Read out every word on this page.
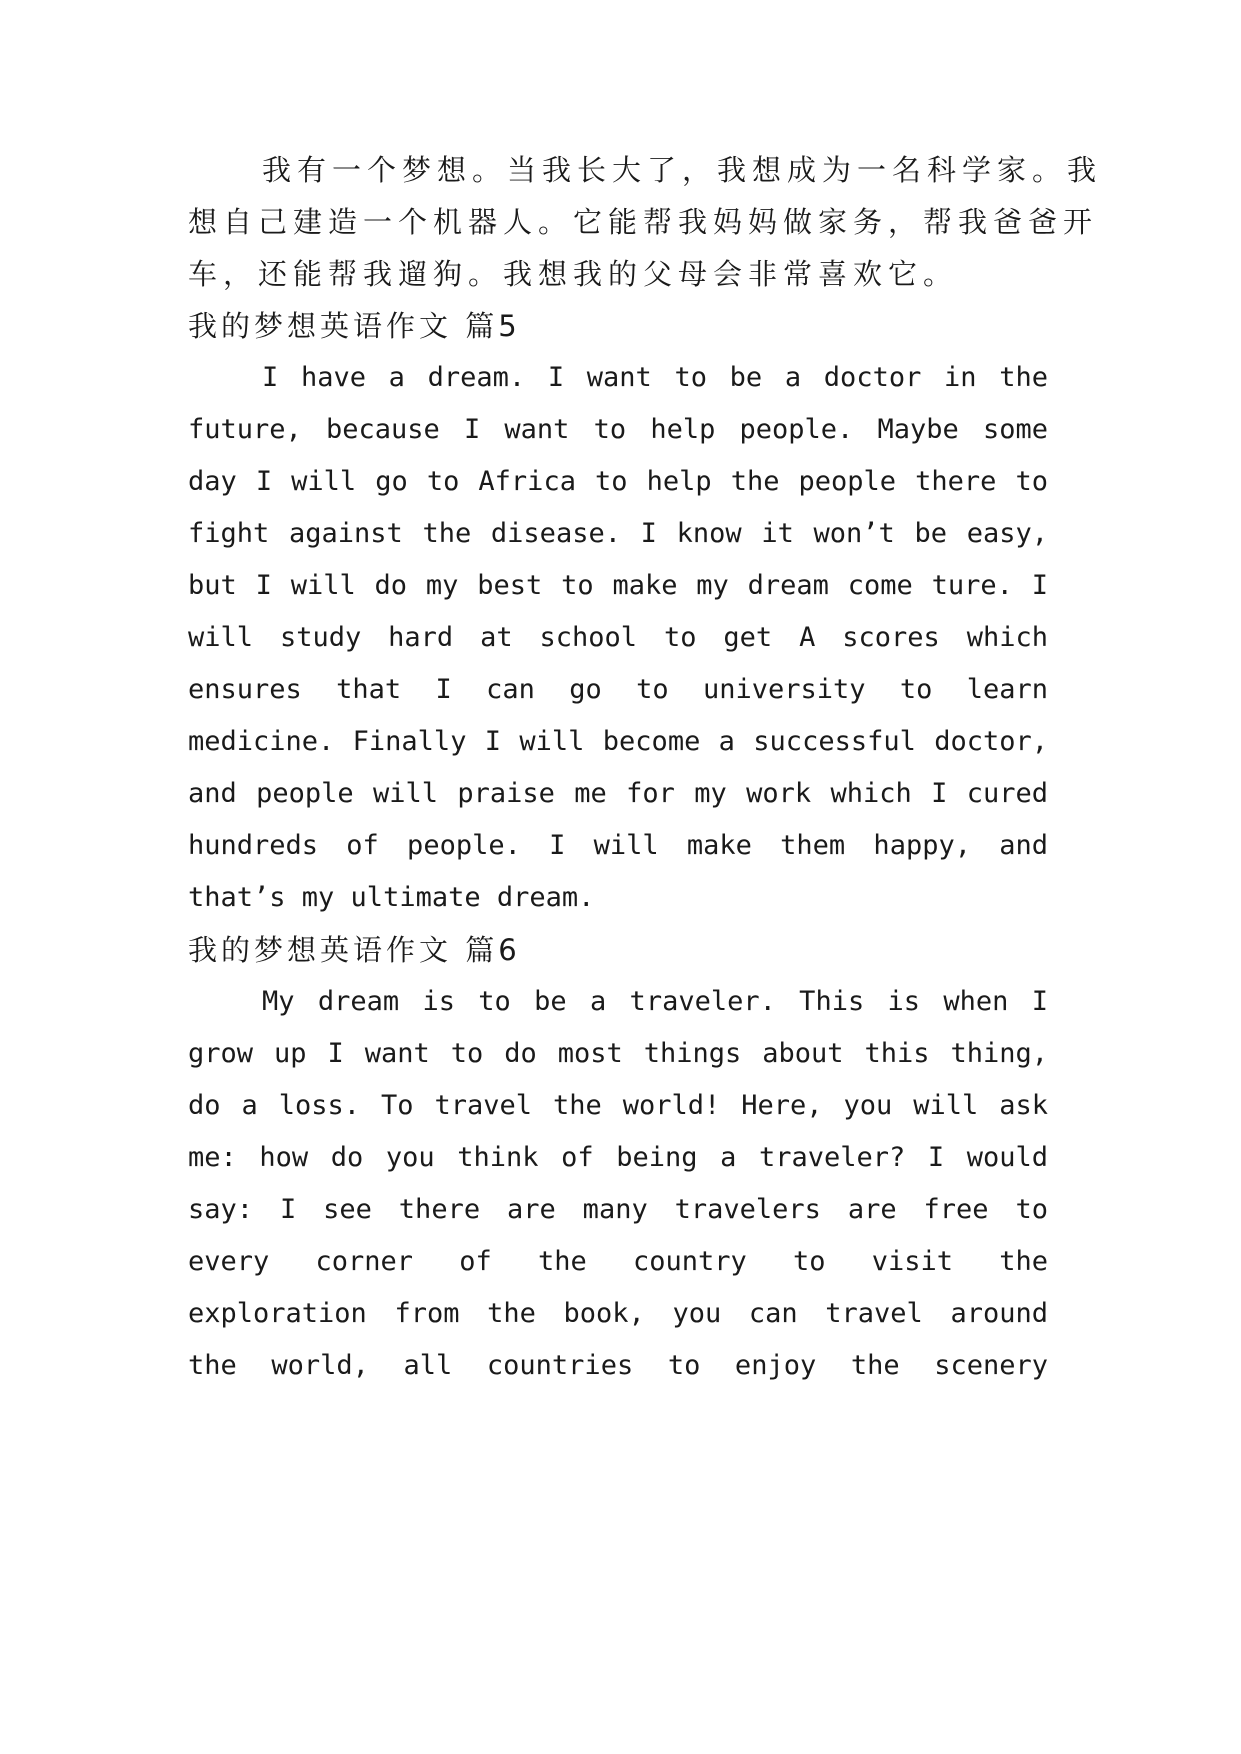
我有一个梦想。当我长大了，我想成为一名科学家。我
想自己建造一个机器人。它能帮我妈妈做家务，帮我爸爸开
车，还能帮我遛狗。我想我的父母会非常喜欢它。
我的梦想英语作文 篇5
I have a dream. I want to be a doctor in the
future, because I want to help people. Maybe some
day I will go to Africa to help the people there to
fight against the disease. I know it won’t be easy,
but I will do my best to make my dream come ture. I
will study hard at school to get A scores which
ensures that I can go to university to learn
medicine. Finally I will become a successful doctor,
and people will praise me for my work which I cured
hundreds of people. I will make them happy, and
that’s my ultimate dream.
我的梦想英语作文 篇6
My dream is to be a traveler. This is when I
grow up I want to do most things about this thing,
do a loss. To travel the world! Here, you will ask
me: how do you think of being a traveler? I would
say: I see there are many travelers are free to
every corner of the country to visit the
exploration from the book, you can travel around
the world, all countries to enjoy the scenery
